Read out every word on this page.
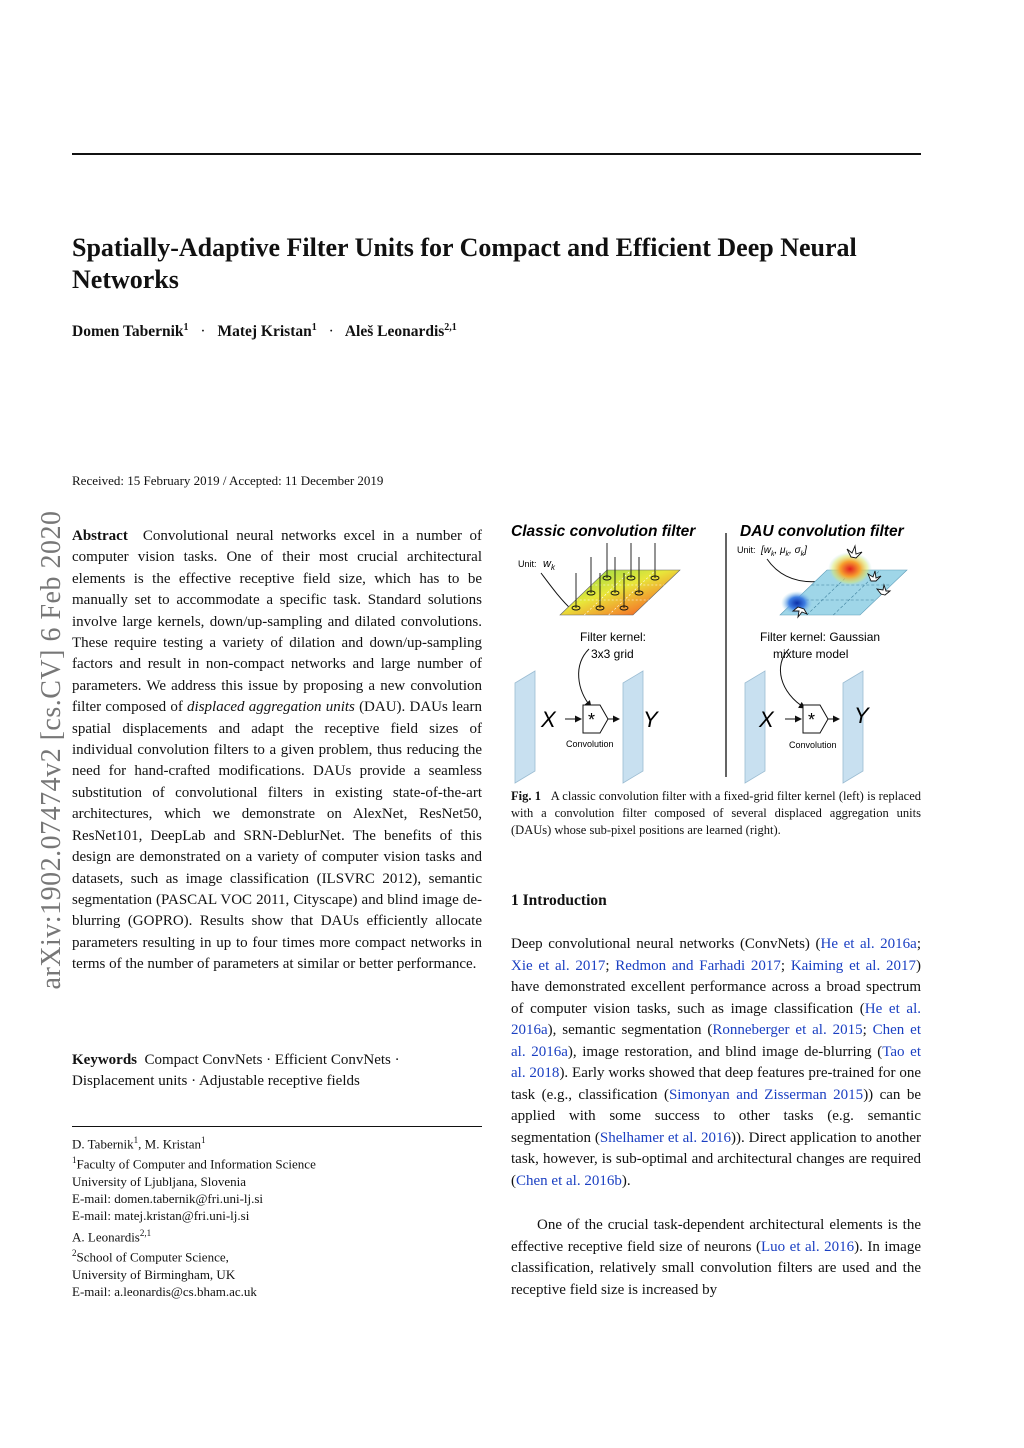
Spatially-Adaptive Filter Units for Compact and Efficient Deep Neural Networks
Domen Tabernik$^1$ · Matej Kristan$^1$ · Aleš Leonardis$^{2,1}$
arXiv:1902.07474v2 [cs.CV] 6 Feb 2020
Received: 15 February 2019 / Accepted: 11 December 2019

Abstract Convolutional neural networks excel in a number of computer vision tasks. One of their most crucial architectural elements is the effective receptive field size, which has to be manually set to accommodate a specific task. Standard solutions involve large kernels, down/up-sampling and dilated convolutions. These require testing a variety of dilation and down/up-sampling factors and result in non-compact networks and large number of parameters. We address this issue by proposing a new convolution filter composed of displaced aggregation units (DAU). DAUs learn spatial displacements and adapt the receptive field sizes of individual convolution filters to a given problem, thus reducing the need for hand-crafted modifications. DAUs provide a seamless substitution of convolutional filters in existing state-of-the-art architectures, which we demonstrate on AlexNet, ResNet50, ResNet101, DeepLab and SRN-DeblurNet. The benefits of this design are demonstrated on a variety of computer vision tasks and datasets, such as image classification (ILSVRC 2012), semantic segmentation (PASCAL VOC 2011, Cityscape) and blind image de-blurring (GOPRO). Results show that DAUs efficiently allocate parameters resulting in up to four times more compact networks in terms of the number of parameters at similar or better performance.

Keywords Compact ConvNets · Efficient ConvNets · Displacement units · Adjustable receptive fields

D. Tabernik$^1$, M. Kristan$^1$
$^1$Faculty of Computer and Information Science
University of Ljubljana, Slovenia
E-mail: domen.tabernik@fri.uni-lj.si
E-mail: matej.kristan@fri.uni-lj.si
A. Leonardis$^{2,1}$
$^2$School of Computer Science,
University of Birmingham, UK
E-mail: a.leonardis@cs.bham.ac.uk
Classic convolution filter	DAU convolution filter
Unit: $w_k$
Filter kernel:
3x3 grid
X	Y
*
Convolution
Unit: [$w_k$, $\mu_k$, $\sigma_k$]
Filter kernel: Gaussian
mixture model
X	Y
*
Convolution

Fig. 1 A classic convolution filter with a fixed-grid filter kernel (left) is replaced with a convolution filter composed of several displaced aggregation units (DAUs) whose sub-pixel positions are learned (right).

1 Introduction

Deep convolutional neural networks (ConvNets) (He et al. 2016a; Xie et al. 2017; Redmon and Farhadi 2017; Kaiming et al. 2017) have demonstrated excellent performance across a broad spectrum of computer vision tasks, such as image classification (He et al. 2016a), semantic segmentation (Ronneberger et al. 2015; Chen et al. 2016a), image restoration, and blind image de-blurring (Tao et al. 2018). Early works showed that deep features pre-trained for one task (e.g., classification (Simonyan and Zisserman 2015)) can be applied with some success to other tasks (e.g. semantic segmentation (Shelhamer et al. 2016)). Direct application to another task, however, is sub-optimal and architectural changes are required (Chen et al. 2016b).

One of the crucial task-dependent architectural elements is the effective receptive field size of neurons (Luo et al. 2016). In image classification, relatively small convolution filters are used and the receptive field size is increased by
